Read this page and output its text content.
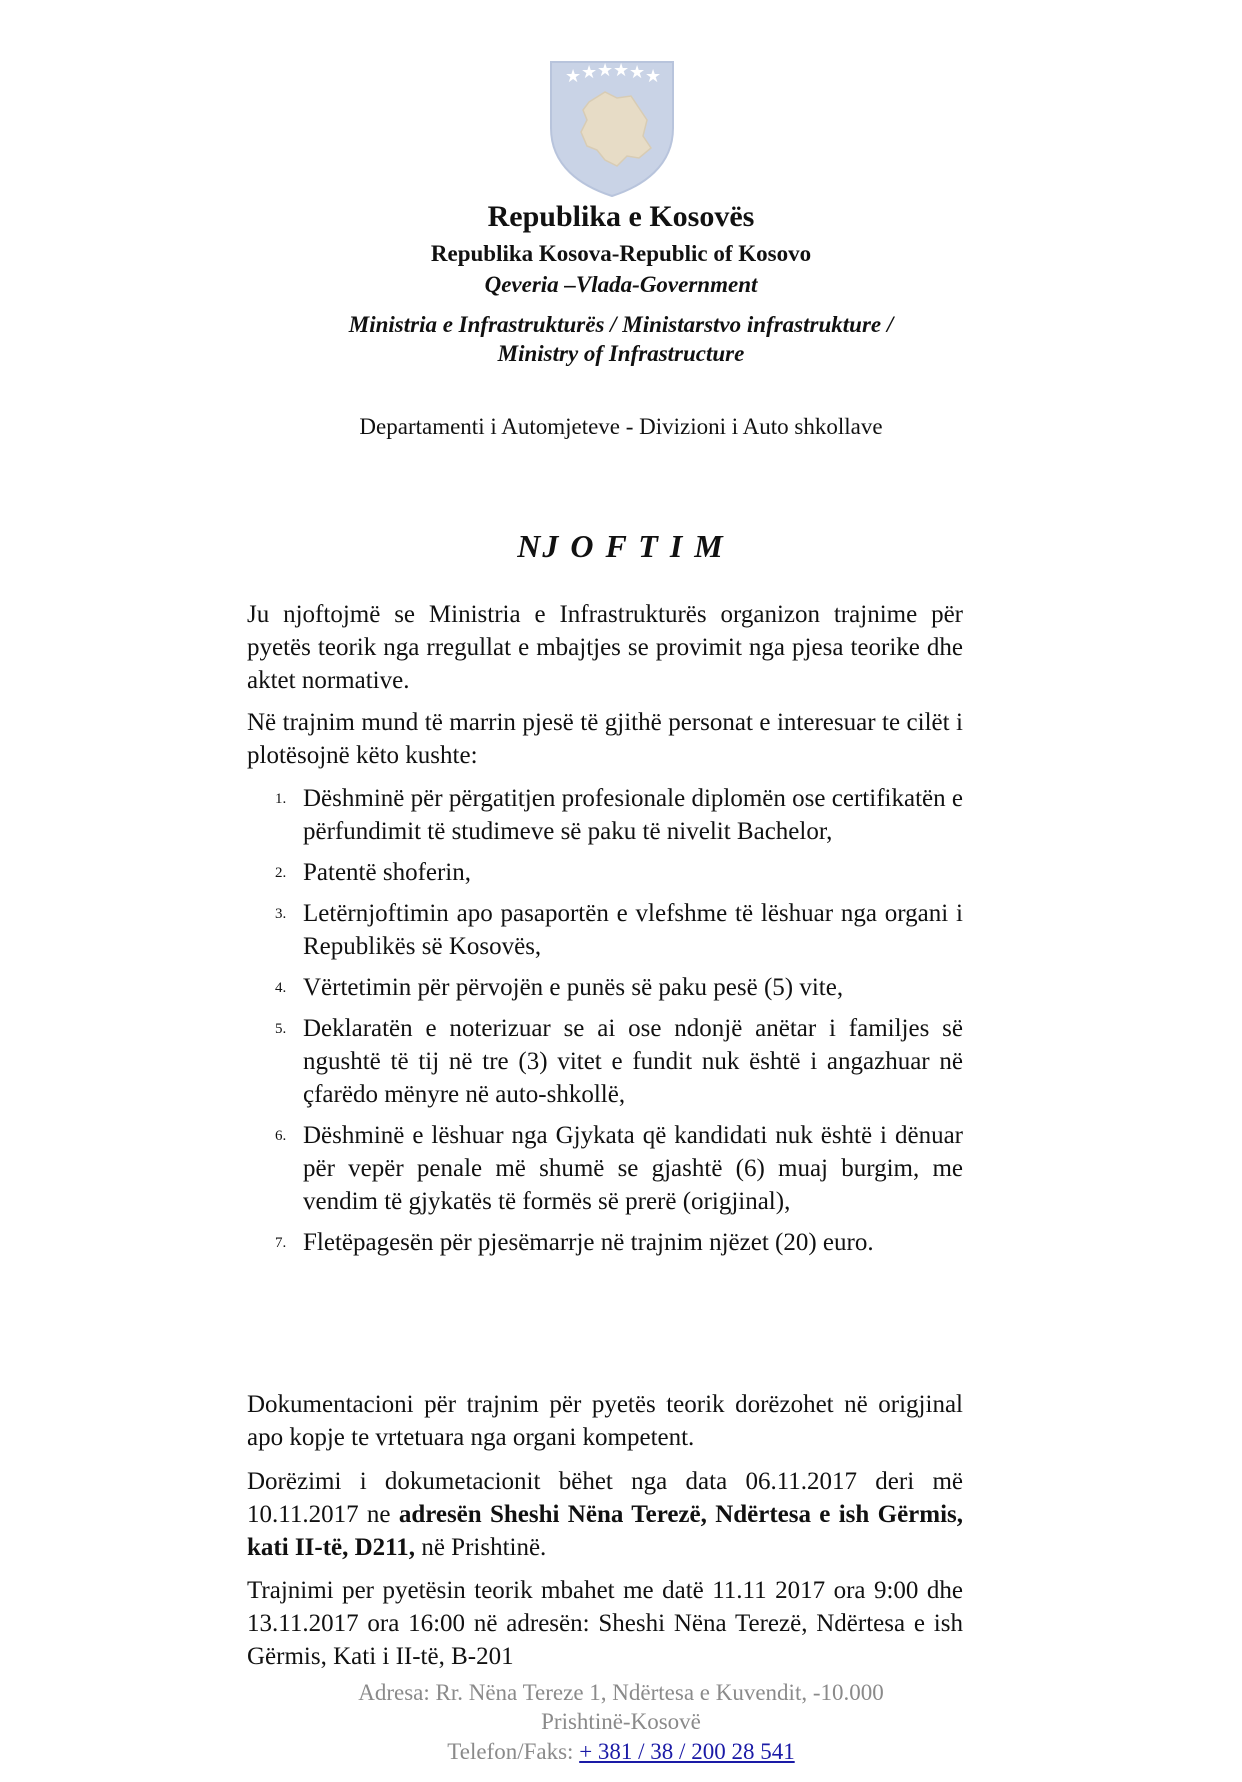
★ ★ ★ ★ ★ ★
Republika e Kosovës
Republika Kosova-Republic of Kosovo
Qeveria –Vlada-Government
Ministria e Infrastrukturës / Ministarstvo infrastrukture /
Ministry of Infrastructure
Departamenti i Automjeteve - Divizioni i Auto shkollave
NJ O F T I M

Ju njoftojmë se Ministria e Infrastrukturës organizon trajnime për pyetës teorik nga rregullat e mbajtjes se provimit nga pjesa teorike dhe aktet normative.

Në trajnim mund të marrin pjesë të gjithë personat e interesuar te cilët i plotësojnë këto kushte:

1. Dëshminë për përgatitjen profesionale diplomën ose certifikatën e përfundimit të studimeve së paku të nivelit Bachelor,
2. Patentë shoferin,
3. Letërnjoftimin apo pasaportën e vlefshme të lëshuar nga organi i Republikës së Kosovës,
4. Vërtetimin për përvojën e punës së paku pesë (5) vite,
5. Deklaratën e noterizuar se ai ose ndonjë anëtar i familjes së ngushtë të tij në tre (3) vitet e fundit nuk është i angazhuar në çfarëdo mënyre në auto-shkollë,
6. Dëshminë e lëshuar nga Gjykata që kandidati nuk është i dënuar për vepër penale më shumë se gjashtë (6) muaj burgim, me vendim të gjykatës të formës së prerë (origjinal),
7. Fletëpagesën për pjesëmarrje në trajnim njëzet (20) euro.

Dokumentacioni për trajnim për pyetës teorik dorëzohet në origjinal apo kopje te vrtetuara nga organi kompetent.

Dorëzimi i dokumetacionit bëhet nga data 06.11.2017 deri më 10.11.2017 ne adresën Sheshi Nëna Terezë, Ndërtesa e ish Gërmis, kati II-të, D211, në Prishtinë.

Trajnimi per pyetësin teorik mbahet me datë 11.11 2017 ora 9:00 dhe 13.11.2017 ora 16:00 në adresën: Sheshi Nëna Terezë, Ndërtesa e ish Gërmis, Kati i II-të, B-201

Adresa: Rr. Nëna Tereze 1, Ndërtesa e Kuvendit, -10.000
Prishtinë-Kosovë
Telefon/Faks: + 381 / 38 / 200 28 541
